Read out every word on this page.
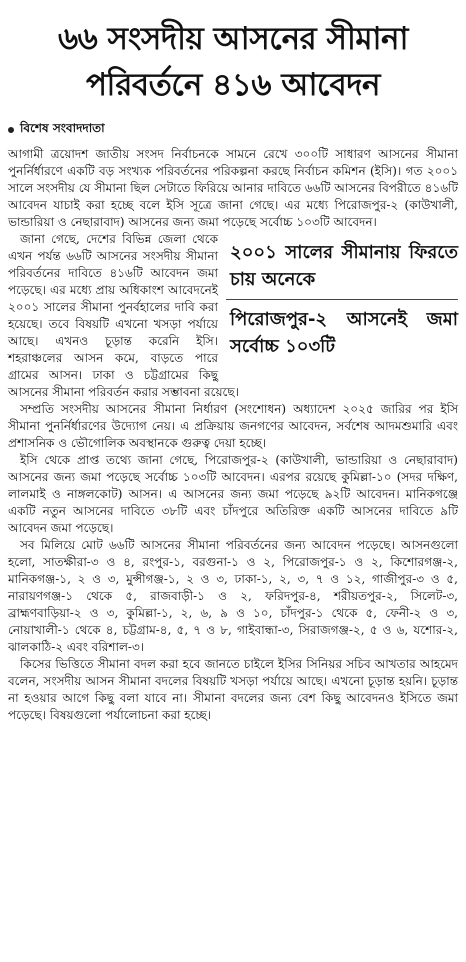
৬৬ সংসদীয় আসনের সীমানা
পরিবর্তনে ৪১৬ আবেদন
বিশেষ সংবাদদাতা

আগামী ত্রয়োদশ জাতীয় সংসদ নির্বাচনকে সামনে রেখে ৩০০টি সাধারণ আসনের সীমানা পুনর্নির্ধারণে একটি বড় সংখ্যক পরিবর্তনের পরিকল্পনা করছে নির্বাচন কমিশন (ইসি)। গত ২০০১ সালে সংসদীয় যে সীমানা ছিল সেটাতে ফিরিয়ে আনার দাবিতে ৬৬টি আসনের বিপরীতে ৪১৬টি আবেদন যাচাই করা হচ্ছে বলে ইসি সূত্রে জানা গেছে। এর মধ্যে পিরোজপুর-২ (কাউখালী, ভান্ডারিয়া ও নেছারাবাদ) আসনের জন্য জমা পড়েছে সর্বোচ্চ ১০৩টি আবেদন।

২০০১ সালের সীমানায় ফিরতে চায় অনেকে
পিরোজপুর-২ আসনেই জমা সর্বোচ্চ ১০৩টি

জানা গেছে, দেশের বিভিন্ন জেলা থেকে এখন পর্যন্ত ৬৬টি আসনের সংসদীয় সীমানা পরিবর্তনের দাবিতে ৪১৬টি আবেদন জমা পড়েছে। এর মধ্যে প্রায় অধিকাংশ আবেদনেই ২০০১ সালের সীমানা পুনর্বহালের দাবি করা হয়েছে। তবে বিষয়টি এখনো খসড়া পর্যায়ে আছে। এখনও চূড়ান্ত করেনি ইসি। শহরাঞ্চলের আসন কমে, বাড়তে পারে গ্রামের আসন। ঢাকা ও চট্টগ্রামের কিছু আসনের সীমানা পরিবর্তন করার সম্ভাবনা রয়েছে।

সম্প্রতি সংসদীয় আসনের সীমানা নির্ধারণ (সংশোধন) অধ্যাদেশ ২০২৫ জারির পর ইসি সীমানা পুনর্নির্ধারণের উদ্যোগ নেয়। এ প্রক্রিয়ায় জনগণের আবেদন, সর্বশেষ আদমশুমারি এবং প্রশাসনিক ও ভৌগোলিক অবস্থানকে গুরুত্ব দেয়া হচ্ছে।

ইসি থেকে প্রাপ্ত তথ্যে জানা গেছে, পিরোজপুর-২ (কাউখালী, ভান্ডারিয়া ও নেছারাবাদ) আসনের জন্য জমা পড়েছে সর্বোচ্চ ১০৩টি আবেদন। এরপর রয়েছে কুমিল্লা-১০ (সদর দক্ষিণ, লালমাই ও নাঙ্গলকোট) আসন। এ আসনের জন্য জমা পড়েছে ৯২টি আবেদন। মানিকগঞ্জে একটি নতুন আসনের দাবিতে ৩৮টি এবং চাঁদপুরে অতিরিক্ত একটি আসনের দাবিতে ৯টি আবেদন জমা পড়েছে।

সব মিলিয়ে মোট ৬৬টি আসনের সীমানা পরিবর্তনের জন্য আবেদন পড়েছে। আসনগুলো হলো, সাতক্ষীরা-৩ ও ৪, রংপুর-১, বরগুনা-১ ও ২, পিরোজপুর-১ ও ২, কিশোরগঞ্জ-২, মানিকগঞ্জ-১, ২ ও ৩, মুন্সীগঞ্জ-১, ২ ও ৩, ঢাকা-১, ২, ৩, ৭ ও ১২, গাজীপুর-৩ ও ৫, নারায়ণগঞ্জ-১ থেকে ৫, রাজবাড়ী-১ ও ২, ফরিদপুর-৪, শরীয়তপুর-২, সিলেট-৩, ব্রাহ্মণবাড়িয়া-২ ও ৩, কুমিল্লা-১, ২, ৬, ৯ ও ১০, চাঁদপুর-১ থেকে ৫, ফেনী-২ ও ৩, নোয়াখালী-১ থেকে ৪, চট্টগ্রাম-৪, ৫, ৭ ও ৮, গাইবান্ধা-৩, সিরাজগঞ্জ-২, ৫ ও ৬, যশোর-২, ঝালকাঠি-২ এবং বরিশাল-৩।

কিসের ভিত্তিতে সীমানা বদল করা হবে জানতে চাইলে ইসির সিনিয়র সচিব আখতার আহমেদ বলেন, সংসদীয় আসন সীমানা বদলের বিষয়টি খসড়া পর্যায়ে আছে। এখনো চূড়ান্ত হয়নি। চূড়ান্ত না হওয়ার আগে কিছু বলা যাবে না। সীমানা বদলের জন্য বেশ কিছু আবেদনও ইসিতে জমা পড়েছে। বিষয়গুলো পর্যালোচনা করা হচ্ছে।
